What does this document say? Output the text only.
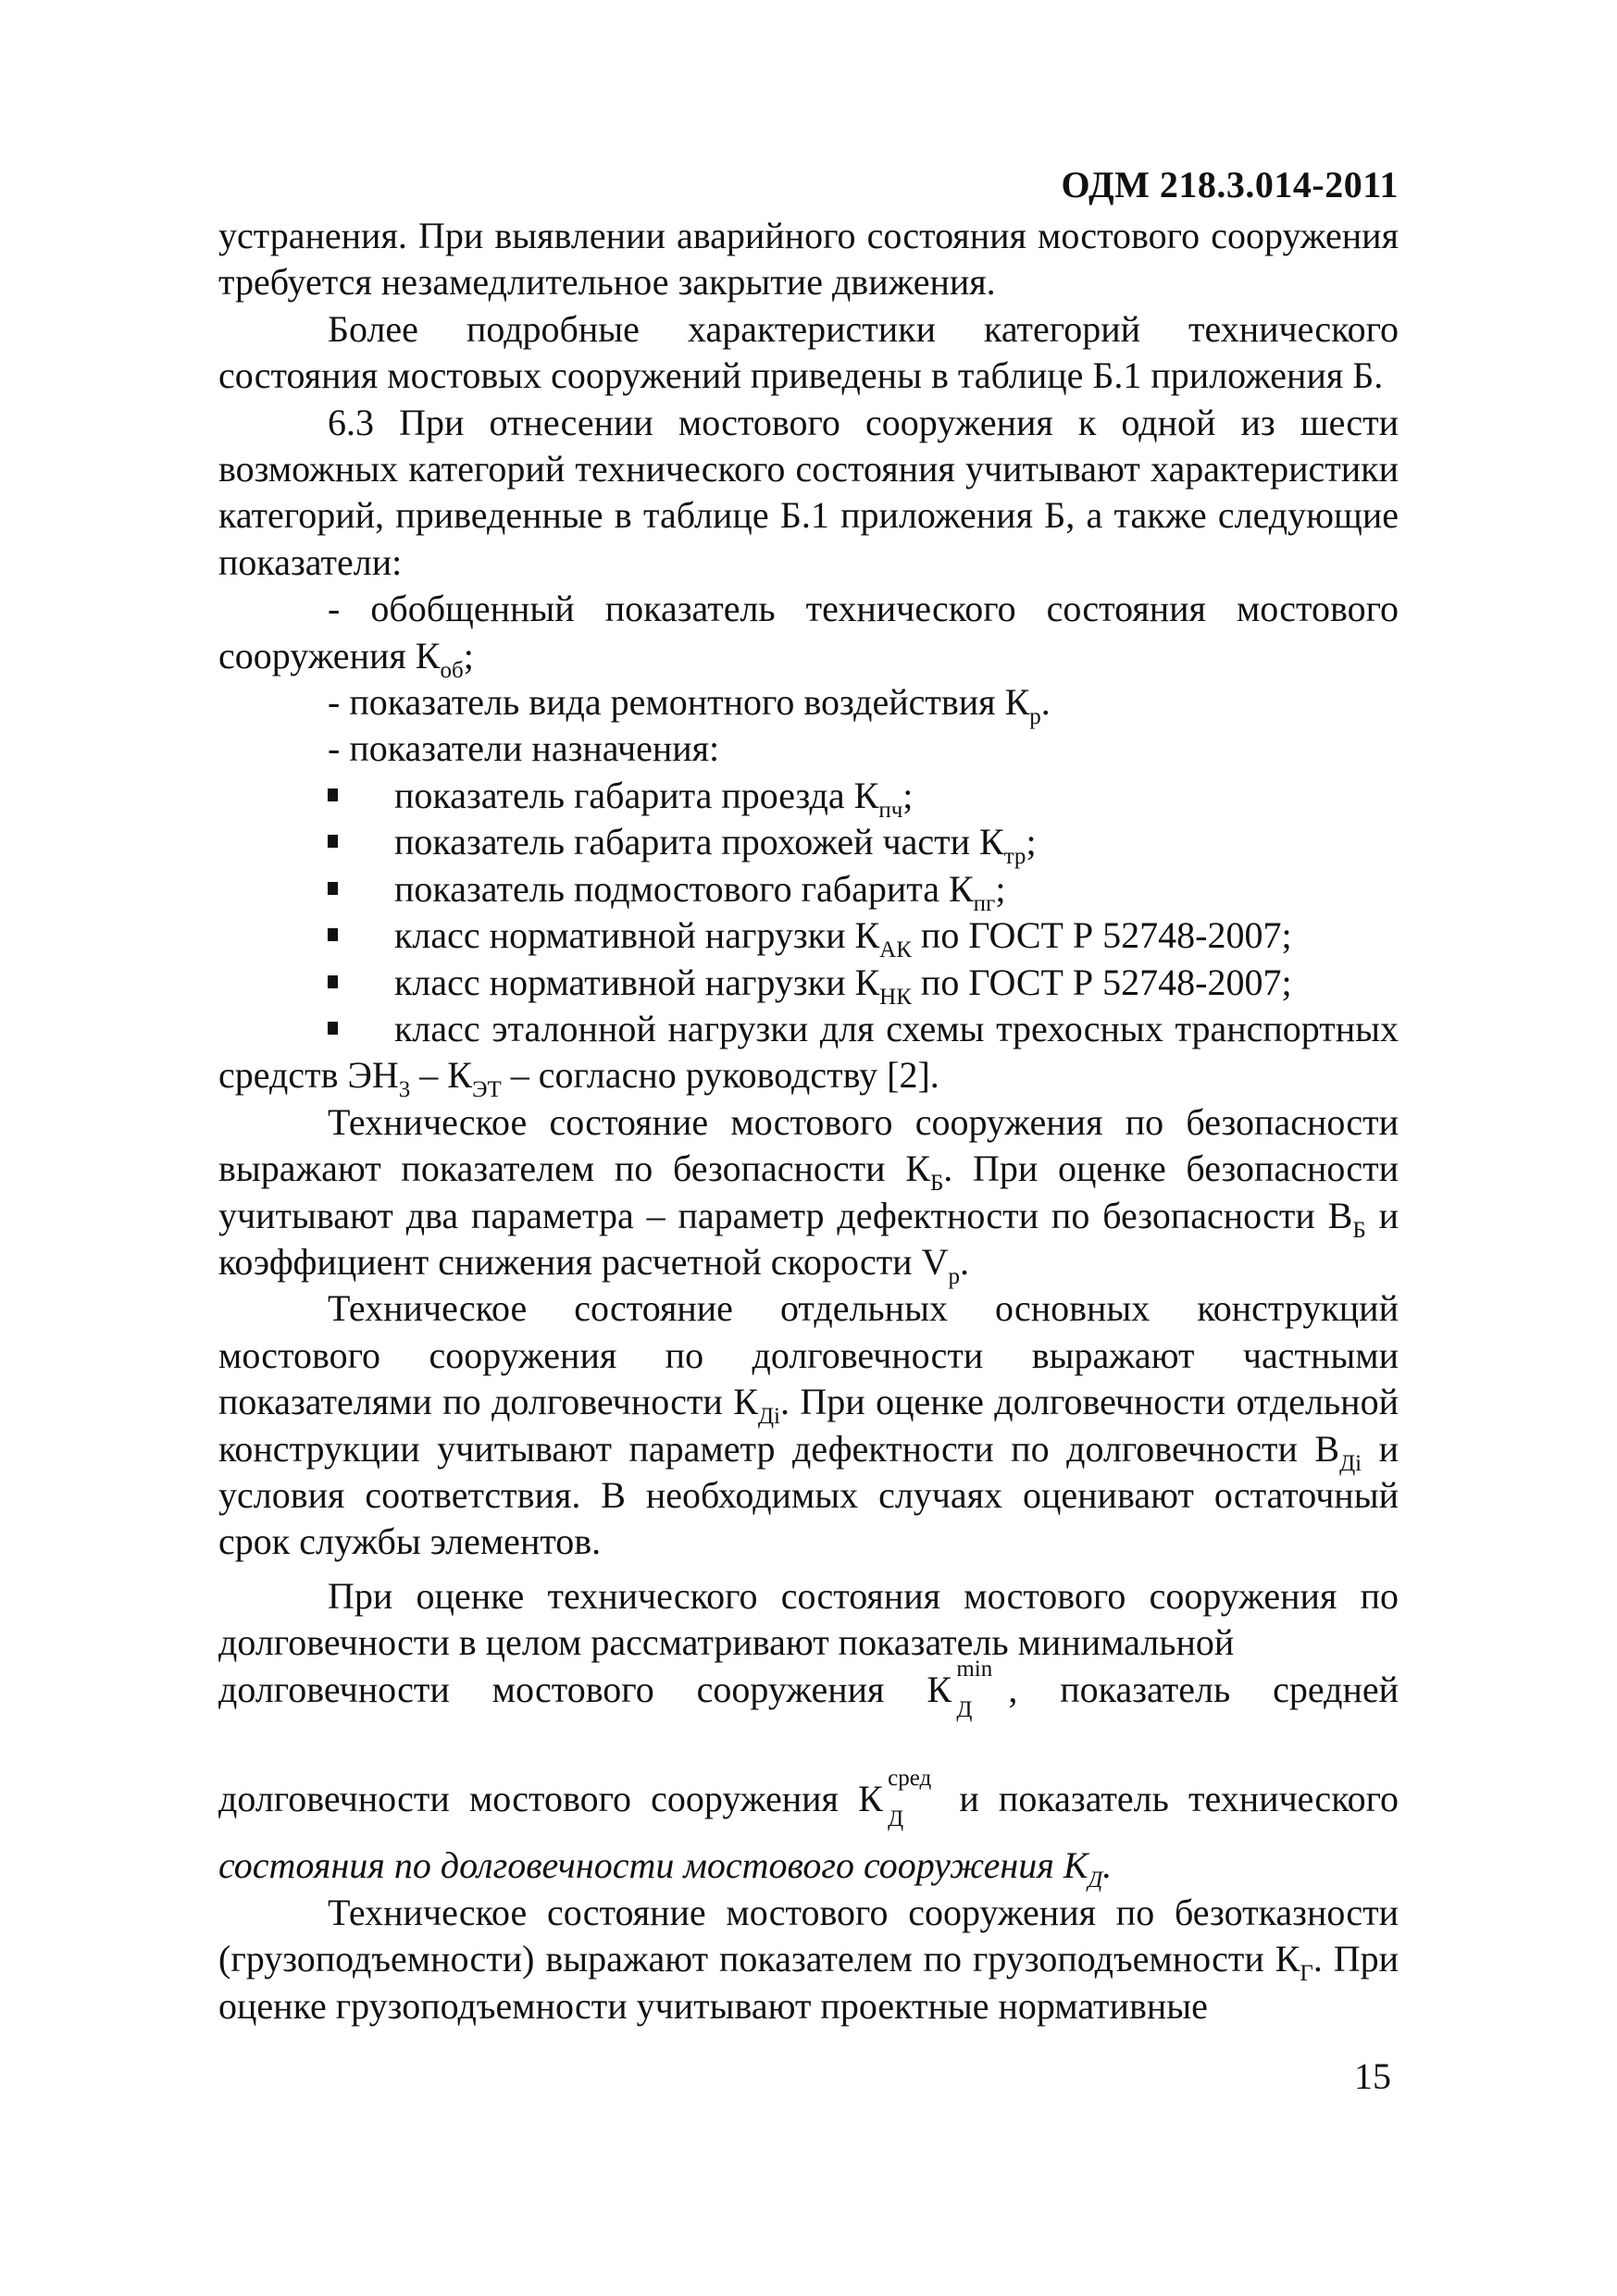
ОДМ 218.3.014-2011

устранения. При выявлении аварийного состояния мостового сооружения требуется незамедлительное закрытие движения.

Более подробные характеристики категорий технического состояния мостовых сооружений приведены в таблице Б.1 приложения Б.

6.3 При отнесении мостового сооружения к одной из шести возможных категорий технического состояния учитывают характеристики категорий, приведенные в таблице Б.1 приложения Б, а также следующие показатели:

- обобщенный показатель технического состояния мостового сооружения $К_{об}$;

- показатель вида ремонтного воздействия $К_р$.

- показатели назначения:

показатель габарита проезда $К_{пч}$;

показатель габарита прохожей части $К_{тр}$;

показатель подмостового габарита $К_{пг}$;

класс нормативной нагрузки $К_{АК}$ по ГОСТ Р 52748-2007;

класс нормативной нагрузки $К_{НК}$ по ГОСТ Р 52748-2007;

класс эталонной нагрузки для схемы трехосных транспортных средств $ЭН_3 - К_{ЭТ}$ – согласно руководству [2].

Техническое состояние мостового сооружения по безопасности выражают показателем по безопасности $К_Б$. При оценке безопасности учитывают два параметра – параметр дефектности по безопасности $В_Б$ и коэффициент снижения расчетной скорости $V_р$.

Техническое состояние отдельных основных конструкций мостового сооружения по долговечности выражают частными показателями по долговечности $К_{Дi}$. При оценке долговечности отдельной конструкции учитывают параметр дефектности по долговечности $В_{Дi}$ и условия соответствия. В необходимых случаях оценивают остаточный срок службы элементов.

При оценке технического состояния мостового сооружения по долговечности в целом рассматривают показатель минимальной

долговечности мостового сооружения К min
Д , показатель средней

долговечности мостового сооружения К сред
Д и показатель технического

состояния по долговечности мостового сооружения $К_Д$.

Техническое состояние мостового сооружения по безотказности (грузоподъемности) выражают показателем по грузоподъемности $К_Г$. При оценке грузоподъемности учитывают проектные нормативные

15
